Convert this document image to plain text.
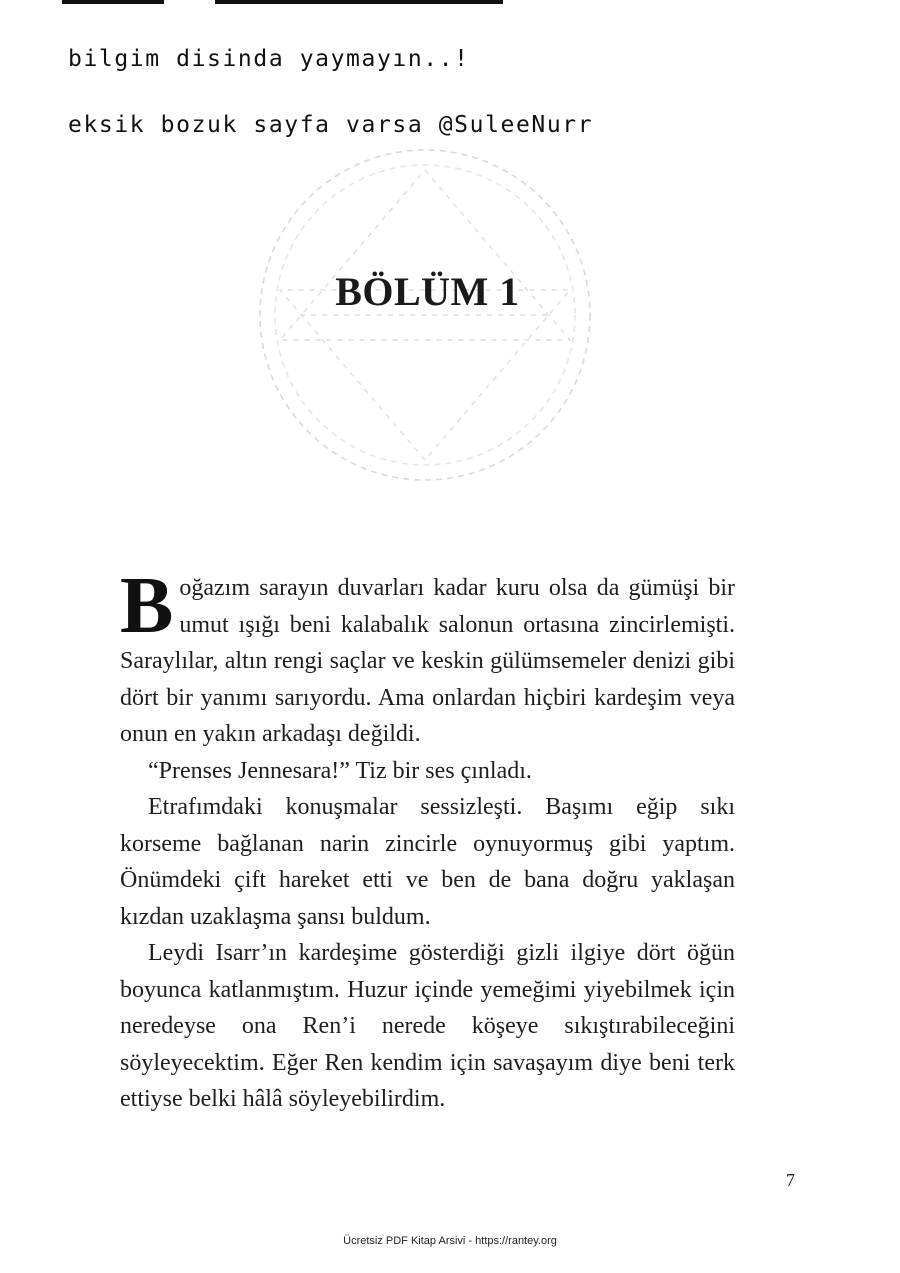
bilgim disinda yaymayın..!
eksik bozuk sayfa varsa @SuleeNurr
BÖLÜM 1

Boğazım sarayın duvarları kadar kuru olsa da gümüşi bir umut ışığı beni kalabalık salonun ortasına zincirlemişti. Saraylılar, altın rengi saçlar ve keskin gülümsemeler denizi gibi dört bir yanımı sarıyordu. Ama onlardan hiçbiri kardeşim veya onun en yakın arkadaşı değildi.

“Prenses Jennesara!” Tiz bir ses çınladı.

Etrafımdaki konuşmalar sessizleşti. Başımı eğip sıkı korseme bağlanan narin zincirle oynuyormuş gibi yaptım. Önümdeki çift hareket etti ve ben de bana doğru yaklaşan kızdan uzaklaşma şansı buldum.

Leydi Isarr’ın kardeşime gösterdiği gizli ilgiye dört öğün boyunca katlanmıştım. Huzur içinde yemeğimi yiyebilmek için neredeyse ona Ren’i nerede köşeye sıkıştırabileceğini söyleyecektim. Eğer Ren kendim için savaşayım diye beni terk ettiyse belki hâlâ söyleyebilirdim.

7
Ücretsiz PDF Kitap Arsivi - https://rantey.org
